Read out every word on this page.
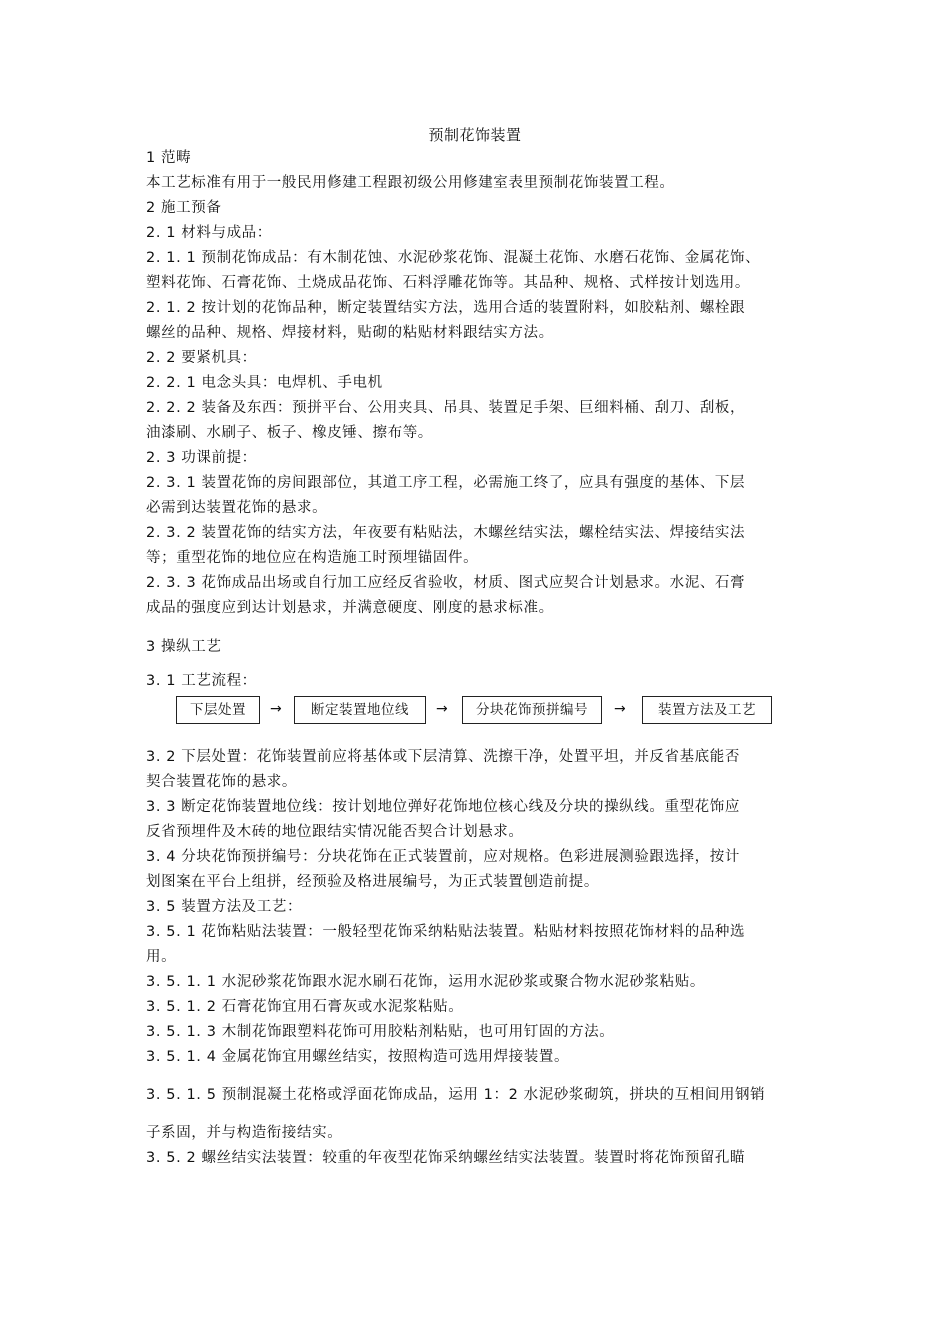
预制花饰装置
1 范畴
本工艺标准有用于一般民用修建工程跟初级公用修建室表里预制花饰装置工程。
2 施工预备
2. 1 材料与成品：
2. 1. 1 预制花饰成品：有木制花蚀、水泥砂浆花饰、混凝土花饰、水磨石花饰、金属花饰、
塑料花饰、石膏花饰、土烧成品花饰、石料浮雕花饰等。其品种、规格、式样按计划选用。
2. 1. 2 按计划的花饰品种，断定装置结实方法，选用合适的装置附料，如胶粘剂、螺栓跟
螺丝的品种、规格、焊接材料，贴砌的粘贴材料跟结实方法。
2. 2 要紧机具：
2. 2. 1 电念头具：电焊机、手电机
2. 2. 2 装备及东西：预拼平台、公用夹具、吊具、装置足手架、巨细料桶、刮刀、刮板，
油漆刷、水刷子、板子、橡皮锤、擦布等。
2. 3 功课前提：
2. 3. 1 装置花饰的房间跟部位，其道工序工程，必需施工终了，应具有强度的基体、下层
必需到达装置花饰的悬求。
2. 3. 2 装置花饰的结实方法，年夜要有粘贴法，木螺丝结实法，螺栓结实法、焊接结实法
等；重型花饰的地位应在构造施工时预埋锚固件。
2. 3. 3 花饰成品出场或自行加工应经反省验收，材质、图式应契合计划悬求。水泥、石膏
成品的强度应到达计划悬求，并满意硬度、刚度的悬求标准。
3 操纵工艺
3. 1 工艺流程：
3. 2 下层处置：花饰装置前应将基体或下层清算、洗擦干净，处置平坦，并反省基底能否
契合装置花饰的悬求。
3. 3 断定花饰装置地位线：按计划地位弹好花饰地位核心线及分块的操纵线。重型花饰应
反省预埋件及木砖的地位跟结实情况能否契合计划悬求。
3. 4 分块花饰预拼编号：分块花饰在正式装置前，应对规格。色彩进展测验跟选择，按计
划图案在平台上组拼，经预验及格进展编号，为正式装置刨造前提。
3. 5 装置方法及工艺：
3. 5. 1 花饰粘贴法装置：一般轻型花饰采纳粘贴法装置。粘贴材料按照花饰材料的品种选
用。
3. 5. 1. 1 水泥砂浆花饰跟水泥水刷石花饰，运用水泥砂浆或聚合物水泥砂浆粘贴。
3. 5. 1. 2 石膏花饰宜用石膏灰或水泥浆粘贴。
3. 5. 1. 3 木制花饰跟塑料花饰可用胶粘剂粘贴，也可用钉固的方法。
3. 5. 1. 4 金属花饰宜用螺丝结实，按照构造可选用焊接装置。
3. 5. 1. 5 预制混凝土花格或浮面花饰成品，运用 1：2 水泥砂浆砌筑，拼块的互相间用钢销
子系固，并与构造衔接结实。
3. 5. 2 螺丝结实法装置：较重的年夜型花饰采纳螺丝结实法装置。装置时将花饰预留孔瞄
下层处置	→	断定装置地位线	→	分块花饰预拼编号	→	装置方法及工艺
